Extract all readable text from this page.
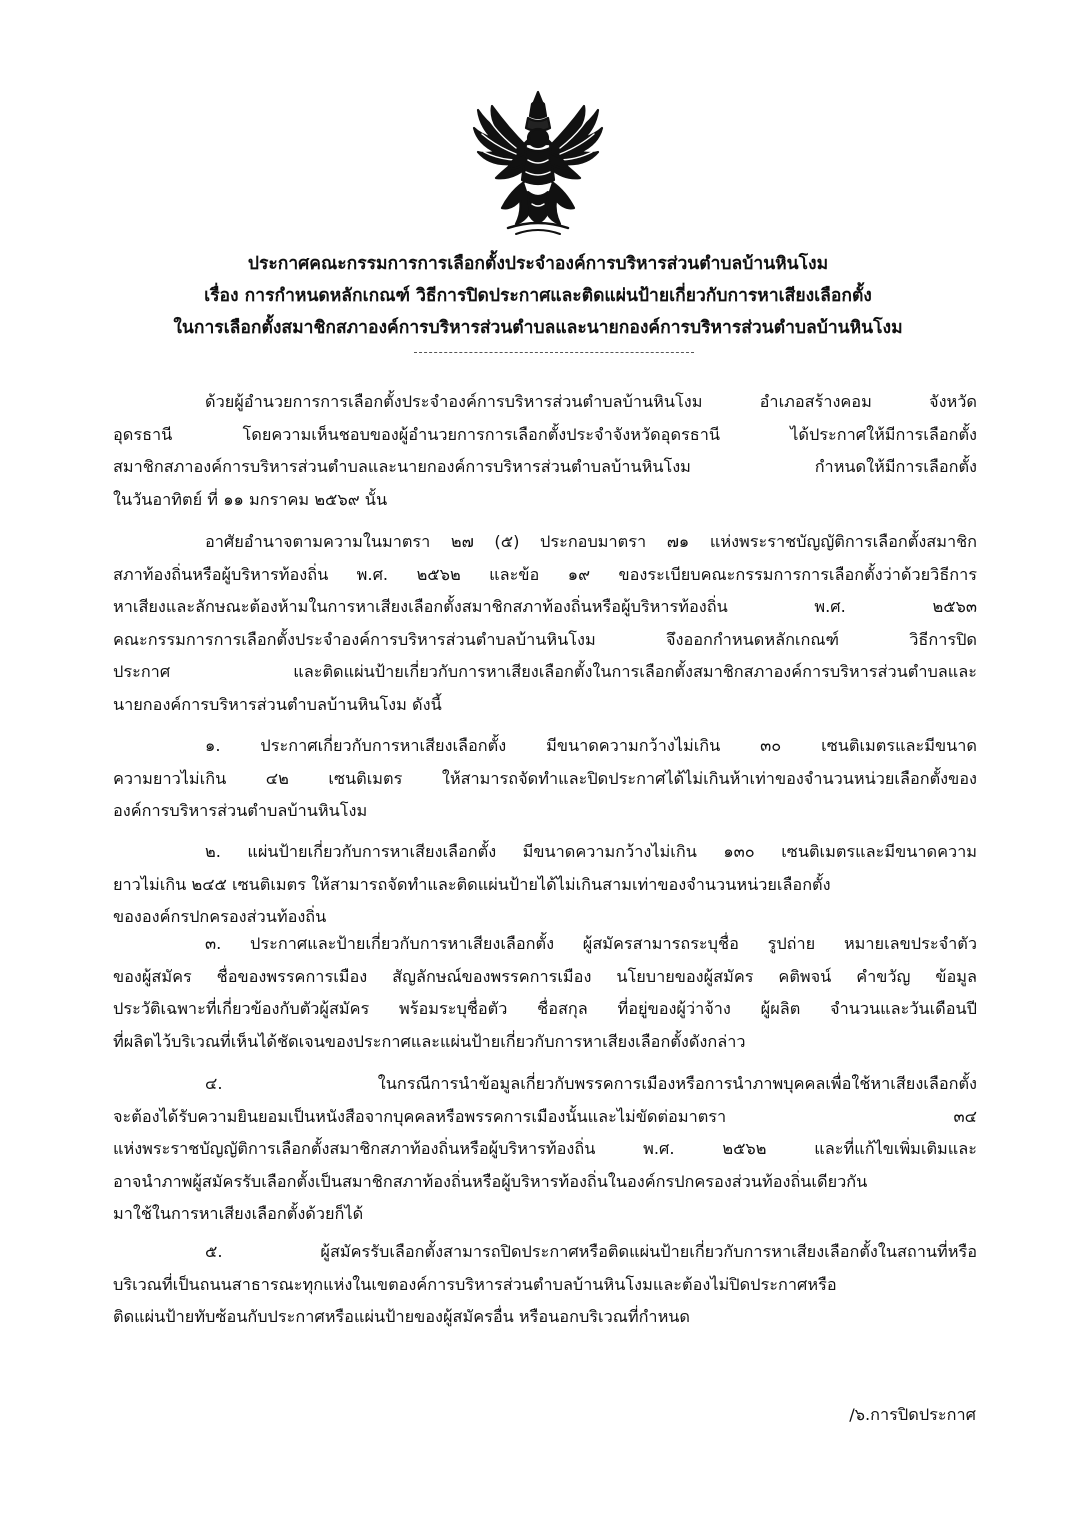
ประกาศคณะกรรมการการเลือกตั้งประจำองค์การบริหารส่วนตำบลบ้านหินโงม
เรื่อง การกำหนดหลักเกณฑ์ วิธีการปิดประกาศและติดแผ่นป้ายเกี่ยวกับการหาเสียงเลือกตั้ง
ในการเลือกตั้งสมาชิกสภาองค์การบริหารส่วนตำบลและนายกองค์การบริหารส่วนตำบลบ้านหินโงม
ด้วยผู้อำนวยการการเลือกตั้งประจำองค์การบริหารส่วนตำบลบ้านหินโงม อำเภอสร้างคอม จังหวัด
อุดรธานี โดยความเห็นชอบของผู้อำนวยการการเลือกตั้งประจำจังหวัดอุดรธานี ได้ประกาศให้มีการเลือกตั้ง
สมาชิกสภาองค์การบริหารส่วนตำบลและนายกองค์การบริหารส่วนตำบลบ้านหินโงม กำหนดให้มีการเลือกตั้ง
ในวันอาทิตย์ ที่ ๑๑ มกราคม ๒๕๖๙ นั้น
อาศัยอำนาจตามความในมาตรา ๒๗ (๕) ประกอบมาตรา ๗๑ แห่งพระราชบัญญัติการเลือกตั้งสมาชิก
สภาท้องถิ่นหรือผู้บริหารท้องถิ่น พ.ศ. ๒๕๖๒ และข้อ ๑๙ ของระเบียบคณะกรรมการการเลือกตั้งว่าด้วยวิธีการ
หาเสียงและลักษณะต้องห้ามในการหาเสียงเลือกตั้งสมาชิกสภาท้องถิ่นหรือผู้บริหารท้องถิ่น พ.ศ. ๒๕๖๓
คณะกรรมการการเลือกตั้งประจำองค์การบริหารส่วนตำบลบ้านหินโงม จึงออกกำหนดหลักเกณฑ์ วิธีการปิด
ประกาศ และติดแผ่นป้ายเกี่ยวกับการหาเสียงเลือกตั้งในการเลือกตั้งสมาชิกสภาองค์การบริหารส่วนตำบลและ
นายกองค์การบริหารส่วนตำบลบ้านหินโงม ดังนี้
๑. ประกาศเกี่ยวกับการหาเสียงเลือกตั้ง มีขนาดความกว้างไม่เกิน ๓๐ เซนติเมตรและมีขนาด
ความยาวไม่เกิน ๔๒ เซนติเมตร ให้สามารถจัดทำและปิดประกาศได้ไม่เกินห้าเท่าของจำนวนหน่วยเลือกตั้งของ
องค์การบริหารส่วนตำบลบ้านหินโงม
๒. แผ่นป้ายเกี่ยวกับการหาเสียงเลือกตั้ง มีขนาดความกว้างไม่เกิน ๑๓๐ เซนติเมตรและมีขนาดความ
ยาวไม่เกิน ๒๔๕ เซนติเมตร ให้สามารถจัดทำและติดแผ่นป้ายได้ไม่เกินสามเท่าของจำนวนหน่วยเลือกตั้ง
ขององค์กรปกครองส่วนท้องถิ่น
๓. ประกาศและป้ายเกี่ยวกับการหาเสียงเลือกตั้ง ผู้สมัครสามารถระบุชื่อ รูปถ่าย หมายเลขประจำตัว
ของผู้สมัคร ชื่อของพรรคการเมือง สัญลักษณ์ของพรรคการเมือง นโยบายของผู้สมัคร คติพจน์ คำขวัญ ข้อมูล
ประวัติเฉพาะที่เกี่ยวข้องกับตัวผู้สมัคร พร้อมระบุชื่อตัว ชื่อสกุล ที่อยู่ของผู้ว่าจ้าง ผู้ผลิต จำนวนและวันเดือนปี
ที่ผลิตไว้บริเวณที่เห็นได้ชัดเจนของประกาศและแผ่นป้ายเกี่ยวกับการหาเสียงเลือกตั้งดังกล่าว
๔. ในกรณีการนำข้อมูลเกี่ยวกับพรรคการเมืองหรือการนำภาพบุคคลเพื่อใช้หาเสียงเลือกตั้ง
จะต้องได้รับความยินยอมเป็นหนังสือจากบุคคลหรือพรรคการเมืองนั้นและไม่ขัดต่อมาตรา ๓๔
แห่งพระราชบัญญัติการเลือกตั้งสมาชิกสภาท้องถิ่นหรือผู้บริหารท้องถิ่น พ.ศ. ๒๕๖๒ และที่แก้ไขเพิ่มเติมและ
อาจนำภาพผู้สมัครรับเลือกตั้งเป็นสมาชิกสภาท้องถิ่นหรือผู้บริหารท้องถิ่นในองค์กรปกครองส่วนท้องถิ่นเดียวกัน
มาใช้ในการหาเสียงเลือกตั้งด้วยก็ได้
๕. ผู้สมัครรับเลือกตั้งสามารถปิดประกาศหรือติดแผ่นป้ายเกี่ยวกับการหาเสียงเลือกตั้งในสถานที่หรือ
บริเวณที่เป็นถนนสาธารณะทุกแห่งในเขตองค์การบริหารส่วนตำบลบ้านหินโงมและต้องไม่ปิดประกาศหรือ
ติดแผ่นป้ายทับซ้อนกับประกาศหรือแผ่นป้ายของผู้สมัครอื่น หรือนอกบริเวณที่กำหนด
/๖.การปิดประกาศ
